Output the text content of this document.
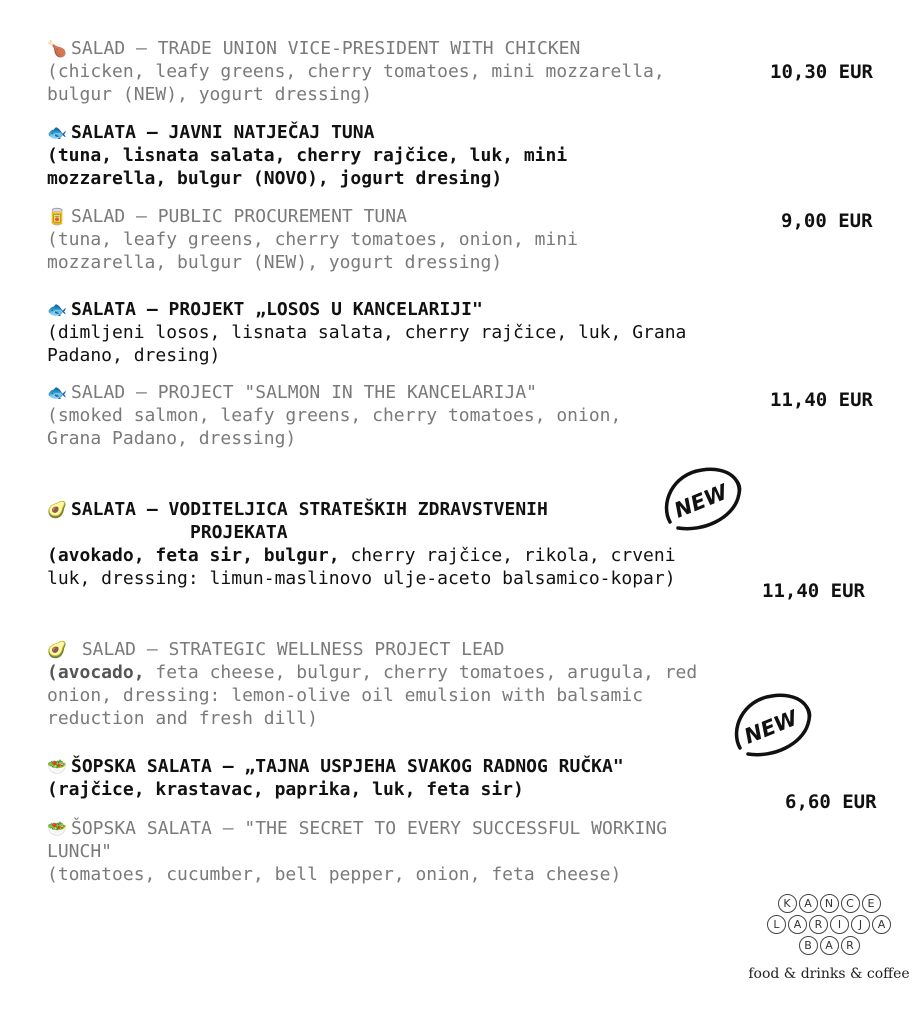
🍗 SALAD – TRADE UNION VICE-PRESIDENT WITH CHICKEN
(chicken, leafy greens, cherry tomatoes, mini mozzarella, bulgur (NEW), yogurt dressing)
🐟 SALATA – JAVNI NATJEČAJ TUNA
(tuna, lisnata salata, cherry rajčice, luk, mini mozzarella, bulgur (NOVO), jogurt dresing)
🥫 SALAD – PUBLIC PROCUREMENT TUNA
(tuna, leafy greens, cherry tomatoes, onion, mini mozzarella, bulgur (NEW), yogurt dressing)
🐟 SALATA – PROJEKT „LOSOS U KANCELARIJI"
(dimljeni losos, lisnata salata, cherry rajčice, luk, Grana Padano, dresing)
🐟 SALAD – PROJECT "SALMON IN THE KANCELARIJA"
(smoked salmon, leafy greens, cherry tomatoes, onion, Grana Padano, dressing)
🥑 SALATA – VODITELJICA STRATEŠKIH ZDRAVSTVENIH
PROJEKATA
(avokado, feta sir, bulgur, cherry rajčice, rikola, crveni luk, dressing: limun-maslinovo ulje-aceto balsamico-kopar)
🥑 SALAD – STRATEGIC WELLNESS PROJECT LEAD
(avocado, feta cheese, bulgur, cherry tomatoes, arugula, red onion, dressing: lemon-olive oil emulsion with balsamic reduction and fresh dill)
🥗 ŠOPSKA SALATA – „TAJNA USPJEHA SVAKOG RADNOG RUČKA"
(rajčice, krastavac, paprika, luk, feta sir)
🥗 ŠOPSKA SALATA – "THE SECRET TO EVERY SUCCESSFUL WORKING LUNCH"
(tomatoes, cucumber, bell pepper, onion, feta cheese)
10,30 EUR
9,00 EUR
11,40 EUR
11,40 EUR
6,60 EUR
NEW
NEW
K	A	N	C	E
L	A	R	I	J	A
B	A	R
food & drinks & coffee
